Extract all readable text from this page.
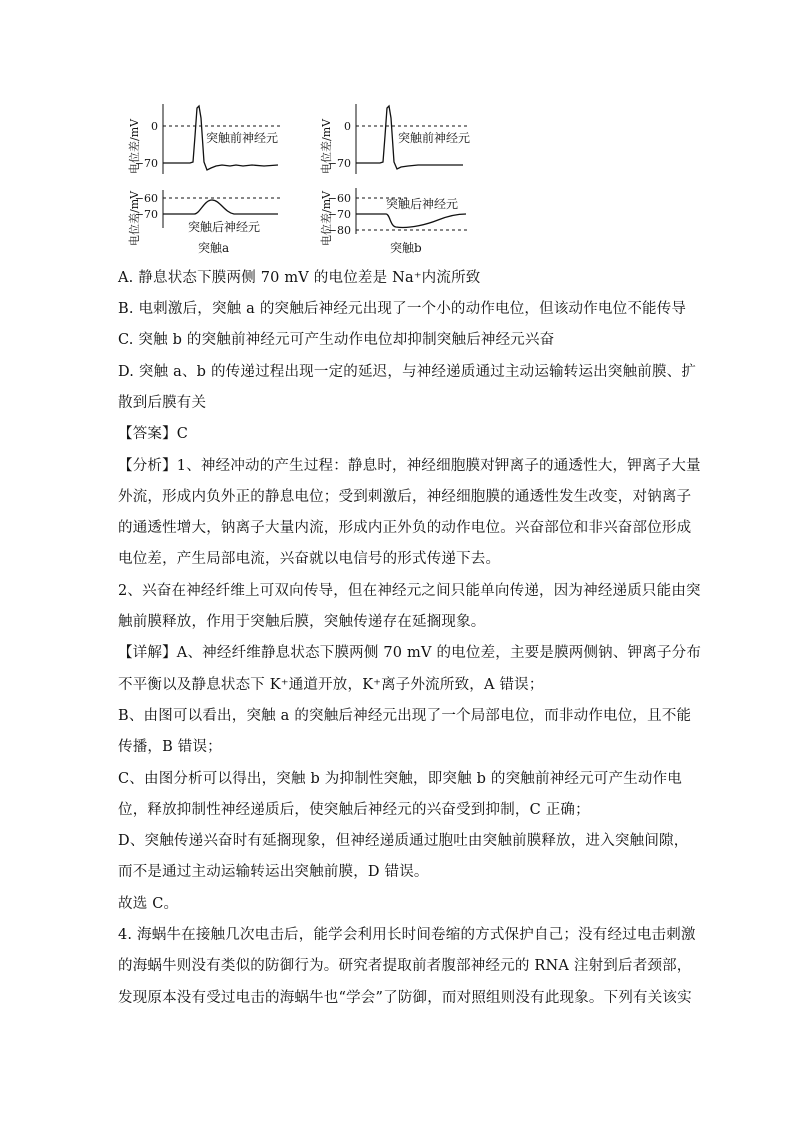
0
−70
突触前神经元
电位差/mV
−60
−70
突触后神经元
电位差/mV
突触a
0
−70
突触前神经元
电位差/mV
−60
−70
−80
突触后神经元
电位差/mV
突触b
A. 静息状态下膜两侧 70 mV 的电位差是 Na⁺内流所致
B. 电刺激后，突触 a 的突触后神经元出现了一个小的动作电位，但该动作电位不能传导
C. 突触 b 的突触前神经元可产生动作电位却抑制突触后神经元兴奋
D. 突触 a、b 的传递过程出现一定的延迟，与神经递质通过主动运输转运出突触前膜、扩
散到后膜有关
【答案】C
【分析】1、神经冲动的产生过程：静息时，神经细胞膜对钾离子的通透性大，钾离子大量
外流，形成内负外正的静息电位；受到刺激后，神经细胞膜的通透性发生改变，对钠离子
的通透性增大，钠离子大量内流，形成内正外负的动作电位。兴奋部位和非兴奋部位形成
电位差，产生局部电流，兴奋就以电信号的形式传递下去。
2、兴奋在神经纤维上可双向传导，但在神经元之间只能单向传递，因为神经递质只能由突
触前膜释放，作用于突触后膜，突触传递存在延搁现象。
【详解】A、神经纤维静息状态下膜两侧 70 mV 的电位差，主要是膜两侧钠、钾离子分布
不平衡以及静息状态下 K⁺通道开放，K⁺离子外流所致，A 错误；
B、由图可以看出，突触 a 的突触后神经元出现了一个局部电位，而非动作电位，且不能
传播，B 错误；
C、由图分析可以得出，突触 b 为抑制性突触，即突触 b 的突触前神经元可产生动作电
位，释放抑制性神经递质后，使突触后神经元的兴奋受到抑制，C 正确；
D、突触传递兴奋时有延搁现象，但神经递质通过胞吐由突触前膜释放，进入突触间隙，
而不是通过主动运输转运出突触前膜，D 错误。
故选 C。
4. 海蜗牛在接触几次电击后，能学会利用长时间卷缩的方式保护自己；没有经过电击刺激
的海蜗牛则没有类似的防御行为。研究者提取前者腹部神经元的 RNA 注射到后者颈部，
发现原本没有受过电击的海蜗牛也“学会”了防御，而对照组则没有此现象。下列有关该实
